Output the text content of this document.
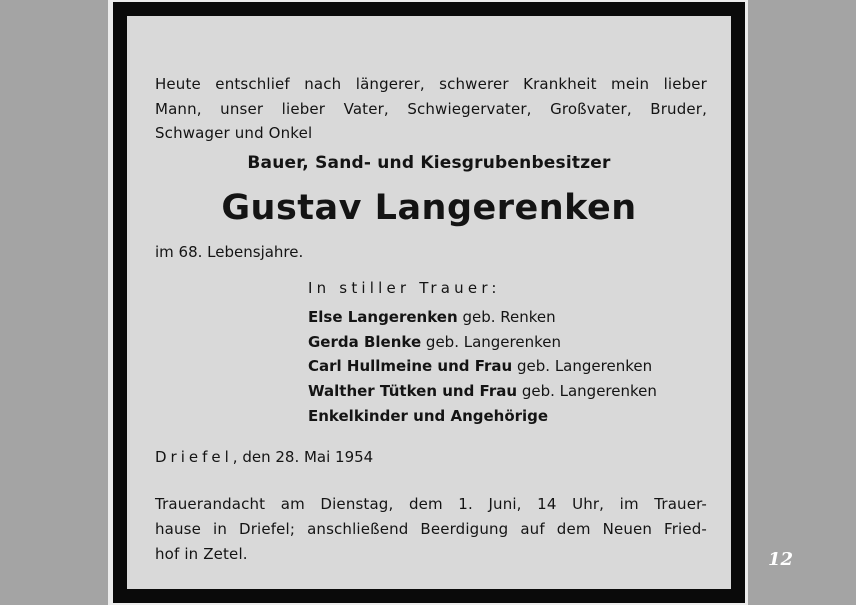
Heute entschlief nach längerer, schwerer Krankheit mein lieber
Mann, unser lieber Vater, Schwiegervater, Großvater, Bruder,
Schwager und Onkel

Bauer, Sand- und Kiesgrubenbesitzer

Gustav Langerenken

im 68. Lebensjahre.

In stiller Trauer:

Else Langerenken geb. Renken
Gerda Blenke geb. Langerenken
Carl Hullmeine und Frau geb. Langerenken
Walther Tütken und Frau geb. Langerenken
Enkelkinder und Angehörige

Driefel, den 28. Mai 1954

Trauerandacht am Dienstag, dem 1. Juni, 14 Uhr, im Trauer-
hause in Driefel; anschließend Beerdigung auf dem Neuen Fried-
hof in Zetel.	12
